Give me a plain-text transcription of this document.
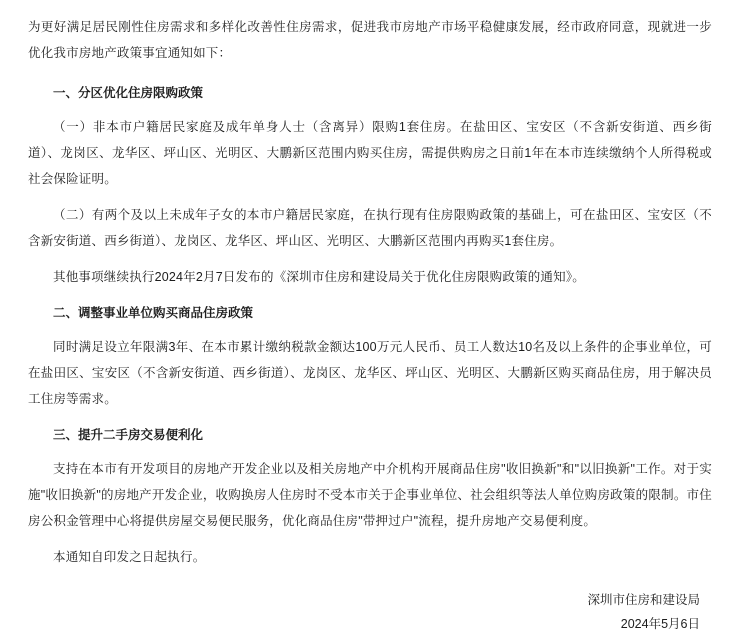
为更好满足居民刚性住房需求和多样化改善性住房需求，促进我市房地产市场平稳健康发展，经市政府同意，现就进一步优化我市房地产政策事宜通知如下：

一、分区优化住房限购政策

（一）非本市户籍居民家庭及成年单身人士（含离异）限购1套住房。在盐田区、宝安区（不含新安街道、西乡街道）、龙岗区、龙华区、坪山区、光明区、大鹏新区范围内购买住房，需提供购房之日前1年在本市连续缴纳个人所得税或社会保险证明。

（二）有两个及以上未成年子女的本市户籍居民家庭，在执行现有住房限购政策的基础上，可在盐田区、宝安区（不含新安街道、西乡街道）、龙岗区、龙华区、坪山区、光明区、大鹏新区范围内再购买1套住房。

其他事项继续执行2024年2月7日发布的《深圳市住房和建设局关于优化住房限购政策的通知》。

二、调整事业单位购买商品住房政策

同时满足设立年限满3年、在本市累计缴纳税款金额达100万元人民币、员工人数达10名及以上条件的企事业单位，可在盐田区、宝安区（不含新安街道、西乡街道）、龙岗区、龙华区、坪山区、光明区、大鹏新区购买商品住房，用于解决员工住房等需求。

三、提升二手房交易便利化

支持在本市有开发项目的房地产开发企业以及相关房地产中介机构开展商品住房"收旧换新"和"以旧换新"工作。对于实施"收旧换新"的房地产开发企业，收购换房人住房时不受本市关于企事业单位、社会组织等法人单位购房政策的限制。市住房公积金管理中心将提供房屋交易便民服务，优化商品住房"带押过户"流程，提升房地产交易便利度。

本通知自印发之日起执行。

深圳市住房和建设局
2024年5月6日
